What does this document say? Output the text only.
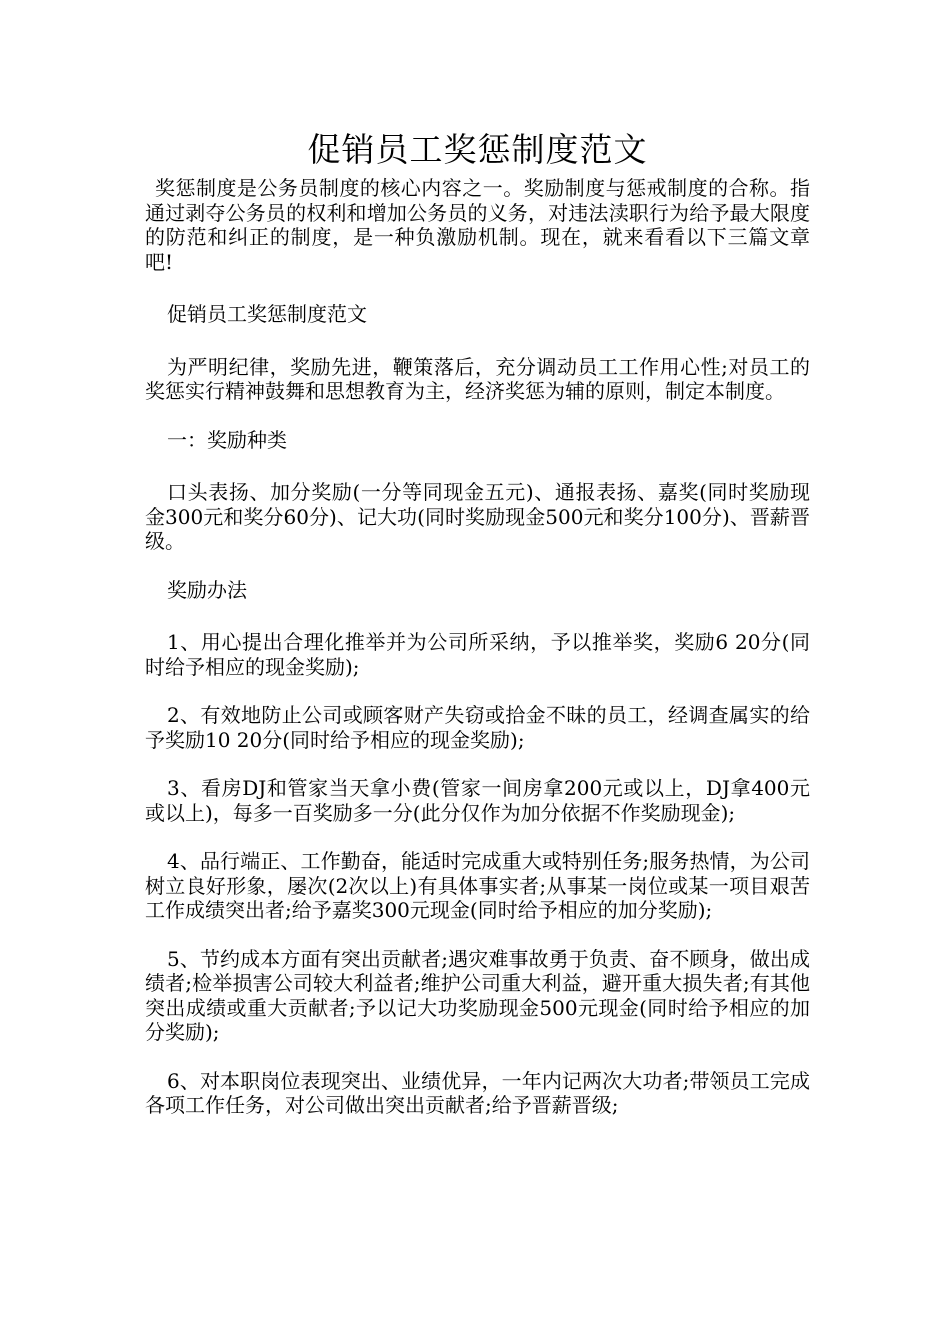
促销员工奖惩制度范文

奖惩制度是公务员制度的核心内容之一。奖励制度与惩戒制度的合称。指通过剥夺公务员的权利和增加公务员的义务，对违法渎职行为给予最大限度的防范和纠正的制度，是一种负激励机制。现在，就来看看以下三篇文章吧!

促销员工奖惩制度范文

为严明纪律，奖励先进，鞭策落后，充分调动员工工作用心性;对员工的奖惩实行精神鼓舞和思想教育为主，经济奖惩为辅的原则，制定本制度。

一：奖励种类

口头表扬、加分奖励(一分等同现金五元)、通报表扬、嘉奖(同时奖励现金300元和奖分60分)、记大功(同时奖励现金500元和奖分100分)、晋薪晋级。

奖励办法

1、用心提出合理化推举并为公司所采纳，予以推举奖，奖励6 20分(同时给予相应的现金奖励);

2、有效地防止公司或顾客财产失窃或拾金不昧的员工，经调查属实的给予奖励10 20分(同时给予相应的现金奖励);

3、看房DJ和管家当天拿小费(管家一间房拿200元或以上，DJ拿400元或以上)，每多一百奖励多一分(此分仅作为加分依据不作奖励现金);

4、品行端正、工作勤奋，能适时完成重大或特别任务;服务热情，为公司树立良好形象，屡次(2次以上)有具体事实者;从事某一岗位或某一项目艰苦工作成绩突出者;给予嘉奖300元现金(同时给予相应的加分奖励);

5、节约成本方面有突出贡献者;遇灾难事故勇于负责、奋不顾身，做出成绩者;检举损害公司较大利益者;维护公司重大利益，避开重大损失者;有其他突出成绩或重大贡献者;予以记大功奖励现金500元现金(同时给予相应的加分奖励);

6、对本职岗位表现突出、业绩优异，一年内记两次大功者;带领员工完成各项工作任务，对公司做出突出贡献者;给予晋薪晋级;
